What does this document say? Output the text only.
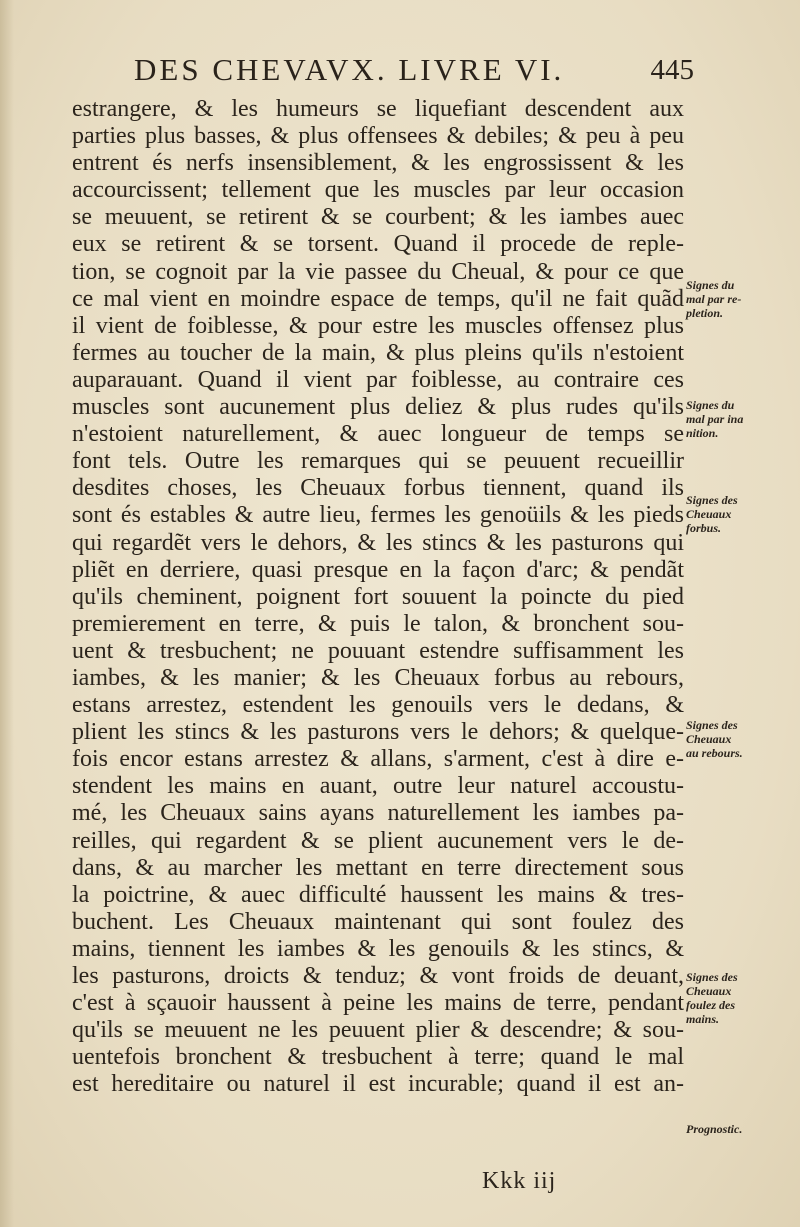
DES CHEVAVX. LIVRE VI.	445
estrangere, & les humeurs se liquefiant descendent aux
parties plus basses, & plus offensees & debiles; & peu à peu
entrent és nerfs insensiblement, & les engrossissent & les
accourcissent; tellement que les muscles par leur occasion
se meuuent, se retirent & se courbent; & les iambes auec
eux se retirent & se torsent. Quand il procede de reple-
tion, se cognoit par la vie passee du Cheual, & pour ce que
ce mal vient en moindre espace de temps, qu'il ne fait quãd
il vient de foiblesse, & pour estre les muscles offensez plus
fermes au toucher de la main, & plus pleins qu'ils n'estoient
auparauant. Quand il vient par foiblesse, au contraire ces
muscles sont aucunement plus deliez & plus rudes qu'ils
n'estoient naturellement, & auec longueur de temps se
font tels. Outre les remarques qui se peuuent recueillir
desdites choses, les Cheuaux forbus tiennent, quand ils
sont és estables & autre lieu, fermes les genoüils & les pieds
qui regardẽt vers le dehors, & les stincs & les pasturons qui
pliẽt en derriere, quasi presque en la façon d'arc; & pendãt
qu'ils cheminent, poignent fort souuent la poincte du pied
premierement en terre, & puis le talon, & bronchent sou-
uent & tresbuchent; ne pouuant estendre suffisamment les
iambes, & les manier; & les Cheuaux forbus au rebours,
estans arrestez, estendent les genouils vers le dedans, &
plient les stincs & les pasturons vers le dehors; & quelque-
fois encor estans arrestez & allans, s'arment, c'est à dire e-
stendent les mains en auant, outre leur naturel accoustu-
mé, les Cheuaux sains ayans naturellement les iambes pa-
reilles, qui regardent & se plient aucunement vers le de-
dans, & au marcher les mettant en terre directement sous
la poictrine, & auec difficulté haussent les mains & tres-
buchent. Les Cheuaux maintenant qui sont foulez des
mains, tiennent les iambes & les genouils & les stincs, &
les pasturons, droicts & tenduz; & vont froids de deuant,
c'est à sçauoir haussent à peine les mains de terre, pendant
qu'ils se meuuent ne les peuuent plier & descendre; & sou-
uentefois bronchent & tresbuchent à terre; quand le mal
est hereditaire ou naturel il est incurable; quand il est an-
Signes du
mal par re-
pletion.
Signes du
mal par ina
nition.
Signes des
Cheuaux
forbus.
Signes des
Cheuaux
au rebours.
Signes des
Cheuaux
foulez des
mains.
Prognostic.
Kkk iij
